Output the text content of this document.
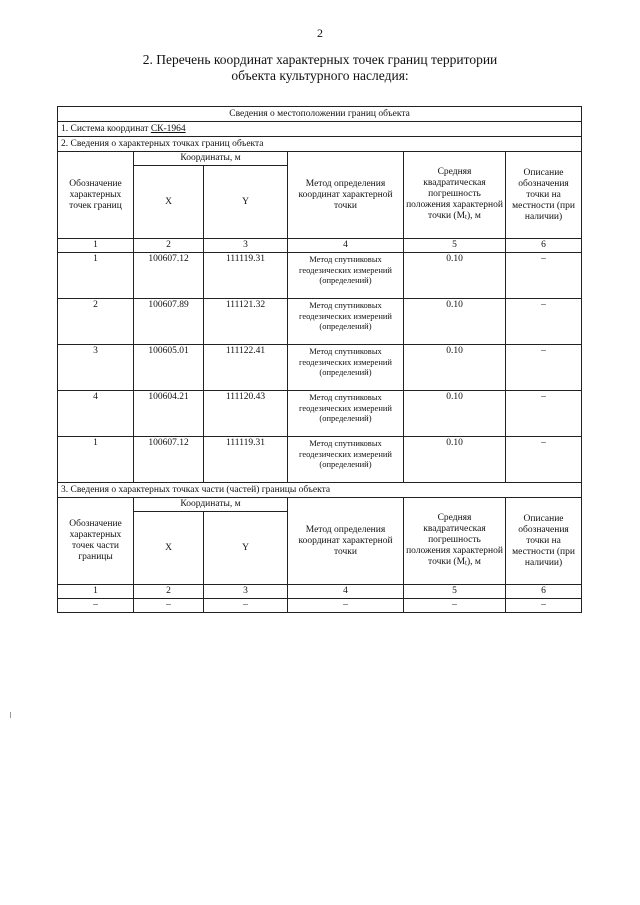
2
2. Перечень координат характерных точек границ территории
объекта культурного наследия:
Сведения о местоположении границ объекта					
1. Система координат СК-1964					
2. Сведения о характерных точках границ объекта					
Обозначение характерных точек границ	Координаты, м		Метод определения координат характерной точки	Средняя квадратическая погрешность положения характерной точки (Мt), м	Описание обозначения точки на местности (при наличии)
	X	Y			
1	2	3	4	5	6
1	100607.12	111119.31	Метод спутниковых геодезических измерений (определений)	0.10	–
2	100607.89	111121.32	Метод спутниковых геодезических измерений (определений)	0.10	–
3	100605.01	111122.41	Метод спутниковых геодезических измерений (определений)	0.10	–
4	100604.21	111120.43	Метод спутниковых геодезических измерений (определений)	0.10	–
1	100607.12	111119.31	Метод спутниковых геодезических измерений (определений)	0.10	–
3. Сведения о характерных точках части (частей) границы объекта					
Обозначение характерных точек части границы	Координаты, м		Метод определения координат характерной точки	Средняя квадратическая погрешность положения характерной точки (Мt), м	Описание обозначения точки на местности (при наличии)
	X	Y			
1	2	3	4	5	6
–	–	–	–	–	–
